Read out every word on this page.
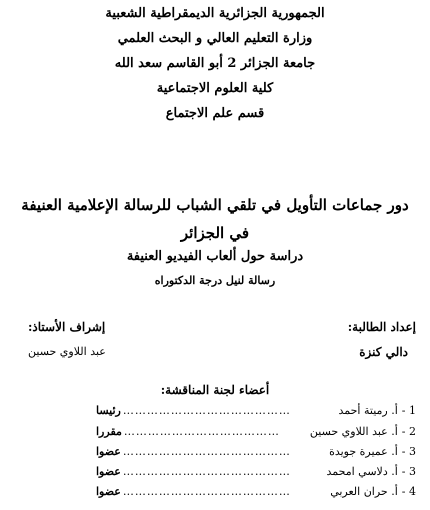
الجمهورية الجزائرية الديمقراطية الشعبية
وزارة التعليم العالي و البحث العلمي
جامعة الجزائر 2 أبو القاسم سعد الله
كلية العلوم الاجتماعية
قسم علم الاجتماع
دور جماعات التأويل في تلقي الشباب للرسالة الإعلامية العنيفة
في الجزائر
دراسة حول ألعاب الفيديو العنيفة
رسالة لنيل درجة الدكتوراه
إعداد الطالبة:
دالي كنزة
إشراف الأستاذ:
عبد اللاوي حسين
أعضاء لجنة المناقشة:
1 -
أ. رميتة أحمد
……………………………………
رئيسا
2 -
أ. عبد اللاوي حسين
…………………………………
مقررا
3 -
أ. عميرة جويدة
……………………………………
عضوا
3 -
أ. دلاسي امحمد
……………………………………
عضوا
4 -
أ. حران العربي
……………………………………
عضوا
